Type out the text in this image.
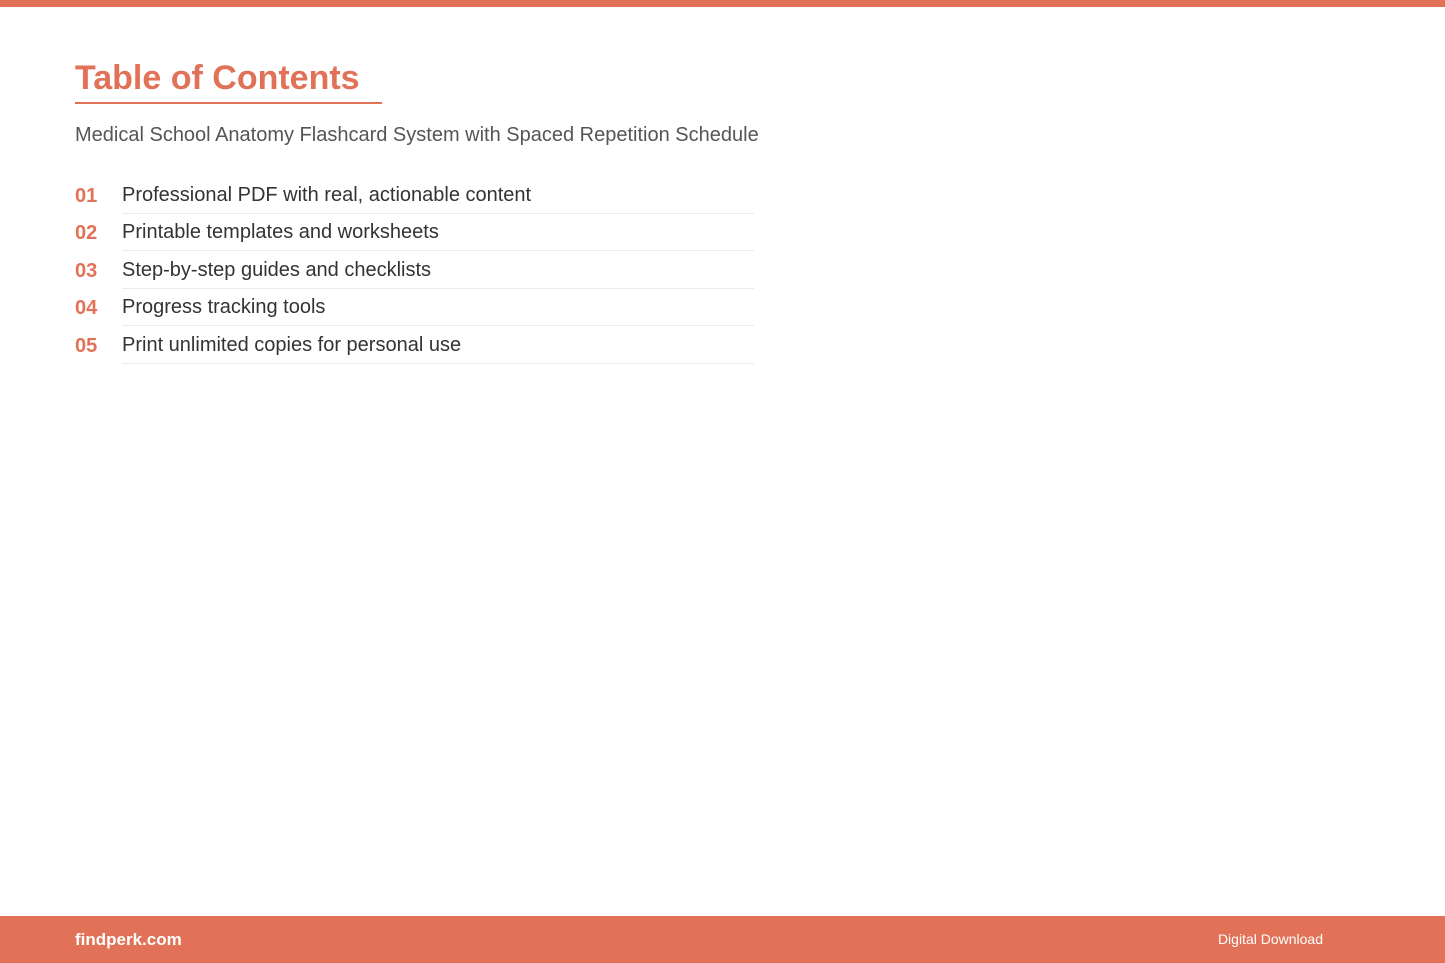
Table of Contents
Medical School Anatomy Flashcard System with Spaced Repetition Schedule
01	Professional PDF with real, actionable content
02	Printable templates and worksheets
03	Step-by-step guides and checklists
04	Progress tracking tools
05	Print unlimited copies for personal use
findperk.com	Digital Download
